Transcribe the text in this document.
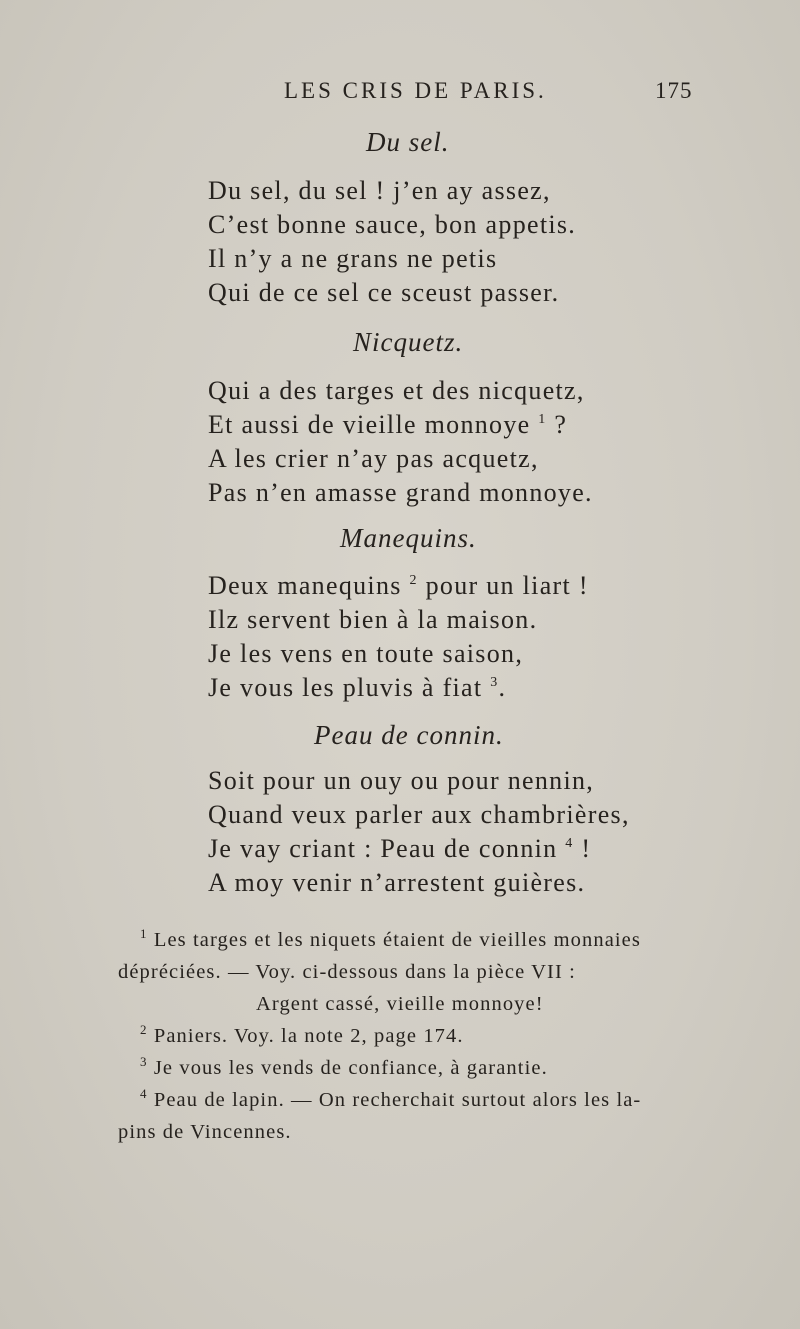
LES CRIS DE PARIS.	175
Du sel.
Du sel, du sel ! j’en ay assez,
C’est bonne sauce, bon appetis.
Il n’y a ne grans ne petis
Qui de ce sel ce sceust passer.
Nicquetz.
Qui a des targes et des nicquetz,
Et aussi de vieille monnoye $^1$ ?
A les crier n’ay pas acquetz,
Pas n’en amasse grand monnoye.
Manequins.
Deux manequins $^2$ pour un liart !
Ilz servent bien à la maison.
Je les vens en toute saison,
Je vous les pluvis à fiat $^3$.
Peau de connin.
Soit pour un ouy ou pour nennin,
Quand veux parler aux chambrières,
Je vay criant : Peau de connin $^4$ !
A moy venir n’arrestent guières.
$^1$ Les targes et les niquets étaient de vieilles monnaies
dépréciées. — Voy. ci-dessous dans la pièce VII :
Argent cassé, vieille monnoye!
$^2$ Paniers. Voy. la note 2, page 174.
$^3$ Je vous les vends de confiance, à garantie.
$^4$ Peau de lapin. — On recherchait surtout alors les la-
pins de Vincennes.
